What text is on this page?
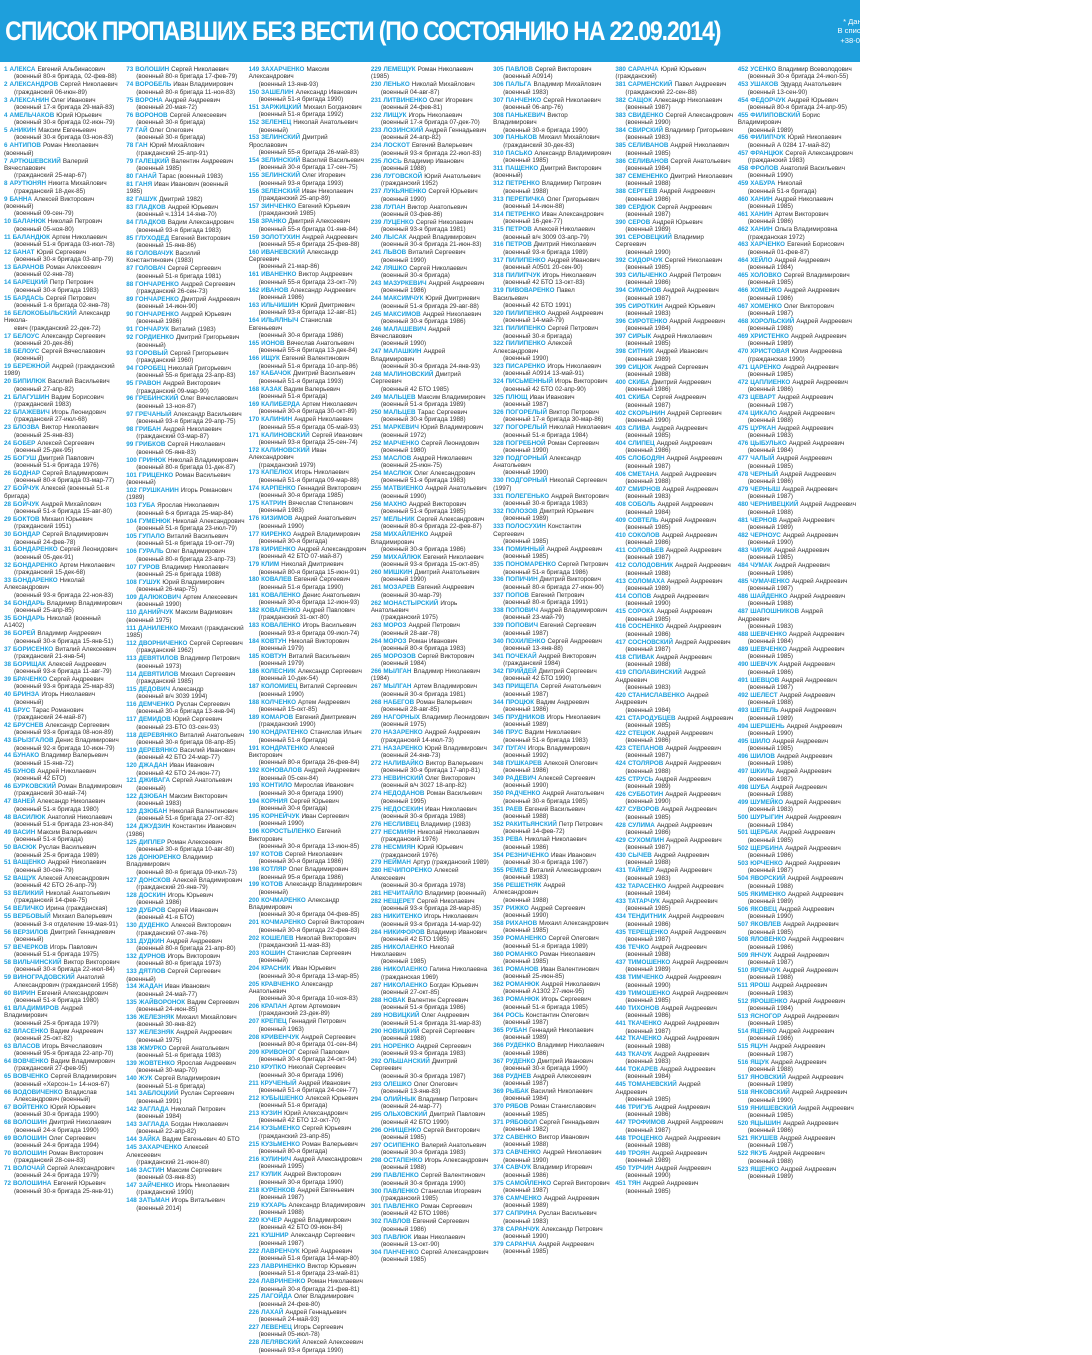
СПИСОК ПРОПАВШИХ БЕЗ ВЕСТИ (ПО СОСТОЯНИЮ НА 22.09.2014)	* Данные Центра освобождения пленных ОО «Офицерский корпус».
В списке могут быть неточности. Контакты центра: +38-097-07-01-014,
+38-063-888-40-40, +38-095-628-000-8; e-mail: centrosvobplen@ukr.net
1 АЛЕКСА Евгений Альбинасович
(военный 80-я бригада, 02-фев-88)
2 АЛЕКСАНДРОВ Сергей Николаевич
(гражданский 06-июн-89)
3 АЛЕКСАНИН Олег Иванович
(военный 17-я бригада 29-май-83)
4 АМЕЛЬЧАКОВ Юрий Юрьевич
(военный 30-я бригада 02-июн-79)
5 АНИКИН Максим Евгеньевич
(военный 30-я бригада 03-ноя-83)
6 АНТИПОВ Роман Николаевич (военный)
7 АРТЮШЕВСКИЙ Валерий Вячеславович
(гражданский 25-мар-67)
8 АРУТЮНЯН Никита Михайлович
(гражданский 18-дек-85)
9 БАННА Алексей Викторович (военный)
(военный 09-сен-79)
10 БАЛАНЮК Николай Петрович
(военный 05-ноя-80)
11 БАЛАНДЮК Артем Николаевич
(военный 51-я бригада 03-июл-78)
12 БАНАТ Юрий Сергеевич
(военный 30-я бригада 03-апр-79)
13 БАРАНОВ Роман Алексеевич
(военный 02-янв-78)
14 БАРЕЦКИЙ Петр Петрович
(военный 30-я бригада 1983)
15 БАРДАСЬ Сергей Петрович
(военный 1-я бригада 02-янв-78)
16 БЕЛОКОБЫЛЬСКИЙ Александр Никола-
евич (гражданский 22-дек-72)
17 БЕЛОУС Александр Сергеевич
(военный 20-дек-86)
18 БЕЛОУС Сергей Вячеславович
(военный)
19 БЕРЕЖНОЙ Андрей (гражданский 1989)
20 БИПИЛЮК Василий Васильевич
(военный 27-апр-82)
21 БЛАГУШИН Вадим Борисович
(гражданский 1983)
22 БЛАЖЕВИЧ Игорь Леонидович
(гражданский 27-июл-68)
23 БЛОЗВА Виктор Николаевич
(военный 25-янв-83)
24 БОБЕР Алексей Сергеевич
(военный 25-дек-95)
25 БОГУШ Дмитрий Павлович
(военный 51-я бригада 1976)
26 БОДНАР Сергей Владимирович
(военный 80-я бригада 03-мар-77)
27 БОЙЧУК Алексей (военный 51-я бригада)
28 БОЙЧУК Андрей Михайлович
(военный 51-я бригада 15-авг-80)
29 БОКТОВ Михаил Юрьевич
(гражданский 1951)
30 БОНДАР Сергей Владимирович
(военный 24-фев-78)
31 БОНДАРЕНКО Сергей Леонидович
(военный 05-дек-91)
32 БОНДАРЕНКО Артем Николаевич
(гражданский 15-дек-68)
33 БОНДАРЕНКО Николай Александрович
(военный 93-я бригада 22-ноя-83)
34 БОНДАРЬ Владимир Владимирович
(военный 25-апр-85)
35 БОНДАРЬ Николай (военный А1402)
36 БОРЕЙ Владимир Андреевич
(военный 30-я бригада 15-янв-51)
37 БОРИСЕНКО Виталий Алексеевич
(гражданский 21-янв-54)
38 БОРИЩАК Алексей Андреевич
(военный 93-я бригада 11-авг-79)
39 БРАЧЕНКО Сергей Андреевич
(военный 93-я бригада 25-мар-83)
40 БРИНЗА Игорь Николаевич
(военный)
41 БРУС Тарас Романович
(гражданский 24-май-87)
42 БРУСНЕВ Александр Сергеевич
(военный 93-я бригада 08-ноя-89)
43 БРЫЗГАЛОВ Денис Владимирович
(военный 92-я бригада 10-июн-79)
44 БУНАКО Владимир Валерьевич
(военный 15-янв-72)
45 БУНОВ Андрей Николаевич
(военный 42 БТО)
46 БУРКОВСКИЙ Роман Владимирович
(гражданский 30-май-74)
47 ВАНЕЙ Александр Николаевич
(военный 51-я бригада 1980)
48 ВАСИЛЮК Анатолий Николаевич
(военный 51-я бригада 23-ноя-84)
49 ВАСИН Максим Валерьевич
(военный 51-я бригада)
50 ВАСЮК Руслан Васильевич
(военный 25-я бригада 1989)
51 ВАЩЕНКО Андрей Николаевич
(военный 30-сен-79)
52 ВАЩУК Алексей Александрович
(военный 42 БТО 26-апр-79)
53 ВЕЛИКИЙ Николай Анатольевич
(гражданский 14-фев-75)
54 ВЕЛИЧКО Ирина (гражданская)
55 ВЕРБОВЫЙ Михаил Валерьевич
(военный 3-я отделение 19-мая-91)
56 ВЕРЗИЛОВ Дмитрий Геннадиевич
(военный)
57 ВЕЧЕРКОВ Игорь Павлович
(военный 51-я бригада 1975)
58 ВИЛЬЧИНСКИЙ Виктор Викторович
(военный 30-я бригада 22-июл-84)
59 ВИНОГРАДОВСКИЙ Анатолий
Александрович (гражданский 1958)
60 ВИРИН Евгений Александрович
(военный 51-я бригада 1980)
61 ВЛАДИМИРОВ Андрей Владимирович
(военный 25-я бригада 1979)
62 ВЛАСЕНКО Вадим Андреевич
(военный 25-окт-82)
63 ВЛАСОВ Игорь Вячеславович
(военный 95-я бригада 22-апр-70)
64 ВОВЧЕНКО Вадим Владимирович
(гражданский 27-фев-95)
65 ВОВЧЕНКО Сергей Владимирович
(военный «Херсон-1» 14-ноя-67)
66 ВОДОВИЧЕНКО Владислав
Александрович (военный)
67 ВОЙТЕНКО Юрий Юрьевич
(военный 30-я бригада 1990)
68 ВОЛОШИН Дмитрий Николаевич
(военный 24-я бригада 1990)
69 ВОЛОШИН Олег Сергеевич
(военный 24-я бригада 1994)
70 ВОЛОШИН Роман Викторович
(гражданский 28-сен-83)
71 ВОЛОЧАЙ Сергей Александрович
(военный 24-я бригада 1979)
72 ВОЛОШИНА Евгений Юрьевич
(военный 30-я бригада 25-янв-91)
73 ВОЛОШИН Сергей Николаевич
(военный 80-я бригада 17-фев-79)
74 ВОРОБЕЛЬ Иван Владимирович
(военный 80-я бригада 11-ноя-83)
75 ВОРОНА Андрей Андреевич
(военный 20-мая-72)
76 ВОРОНОВ Сергей Алексеевич
(военный 30-я бригада)
77 ГАЙ Олег Олегович
(военный 30-я бригада)
78 ГАН Юрий Михайлович
(гражданский 25-апр-91)
79 ГАЛЕЦКИЙ Валентин Андреевич
(военный 1985)
80 ГАНАЙ Тарас (военный 1983)
81 ГАНЯ Иван Иванович (военный 1985)
82 ГАШУК Дмитрий 1982)
83 ГЛАДКОВ Андрей Юрьевич
(военный ч.1314 14-янв-70)
84 ГЛАДКОВ Вадим Александрович
(военный 93-я бригада 1983)
85 ГЛУХОДЕД Евгений Викторович
(военный 15-янв-86)
86 ГОЛОВАЧУК Василий Константинович (1983)
87 ГОЛОВАЧ Сергей Сергеевич
(военный 51-я бригада 1981)
88 ГОНЧАРЕНКО Андрей Сергеевич
(гражданский 26-сен-73)
89 ГОНЧАРЕНКО Дмитрий Андреевич
(военный 14-июн-90)
90 ГОНЧАРЕНКО Андрей Юрьевич
(военный 1986)
91 ГОНЧАРУК Виталий (1983)
92 ГОРДИЕНКО Дмитрий Григорьевич
(военный)
93 ГОРОВЫЙ Сергей Григорьевич
(гражданский 1960)
94 ГОРОБЕЦ Николай Григорьевич
(военный 55-я бригада 23-апр-83)
95 ГРАВОН Андрей Викторович
(гражданский 09-мар-90)
96 ГРЕБИНСКИЙ Олег Вячеславович
(военный 13-ноя-87)
97 ГРЕЧАНЫЙ Александр Васильевич
(военный 93-я бригада 29-апр-75)
98 ГРИБАН Андрей Николаевич
(гражданский 03-мар-87)
99 ГРИБКОВ Сергей Николаевич
(военный 05-янв-83)
100 ГРИНЮК Николай Владимирович
(военный 80-я бригада 01-дек-87)
101 ГРИЦЕНКО Роман Васильевич (военный)
102 ГРУШКАНИН Игорь Романович (1989)
103 ГУБА Ярослав Николаевич
(военный 6-я бригада 25-мар-84)
104 ГУМЕНЮК Николай Александрович
(военный 51-я бригада 23-июл-79)
105 ГУПАЛО Виталий Васильевич
(военный 51-я бригада 19-окт-79)
106 ГУРАЛЬ Олег Владимирович
(военный 80-я бригада 23-апр-73)
107 ГУРОВ Владимир Николаевич
(военный 25-я бригада 1988)
108 ГУШУК Юрий Владимирович
(военный 26-мар-75)
109 ДАЛЮКОВИЧ Артем Алексеевич
(военный 1990)
110 ДАНИЙЧУК Максим Вадимович (военный 1975)
111 ДАНИЛЕНКО Михаил (гражданский 1985)
112 ДВОРНИЧЕНКО Сергей Сергеевич
(гражданский 1962)
113 ДЕВЯТИЛОВ Владимир Петрович
(военный 1973)
114 ДЕВЯТИЛОВ Михаил Сергеевич
(гражданский 1985)
115 ДЕДОВИЧ Александр
(военный в/ч 3039 1994)
116 ДЕМЧЕНКО Руслан Сергеевич
(военный 30-я бригада 13-янв-94)
117 ДЕМИДОВ Юрий Сергеевич
(военный 23-БТО 03-сен-93)
118 ДЕРЕВЯНКО Виталий Анатольевич
(военный 30-я бригада 08-апр-85)
119 ДЕРЕВЯНКО Василий Иванович
(военный 42 БТО 24-мар-77)
120 ДЖАДАН Иван Иванович
(военный 42 БТО 24-июн-77)
121 ДЖИВАГА Сергей Анатольевич
(военный)
122 ДЗЮБАН Максим Викторович
(военный 1983)
123 ДЗЮБАН Николай Валентинович
(военный 51-я бригада 27-окт-82)
124 ДЖУДЗИН Константин Иванович (1986)
125 ДИПЛЕР Роман Алексеевич
(военный 30-я бригада 10-авг-80)
126 ДОНЮРЕНКО Владимир Владимирович
(военный 80-я бригада 09-июл-73)
127 ДОНСКОВ Алексей Владимирович
(гражданский 20-янв-79)
128 ДОСКИН Игорь Юрьевич
(военный 1986)
129 ДУБРОВ Сергей Иванович
(военный 41-я БТО)
130 ДУДЕНКО Алексей Викторович
(гражданский 07-янв-76)
131 ДУДКИН Андрей Андреевич
(военный 80-я бригада 21-апр-80)
132 ДУРНОВ Игорь Викторович
(военный 80-я бригада 1973)
133 ДЯТЛОВ Сергей Сергеевич (военный)
134 ЖАДАН Иван Иванович
(военный 24-май-77)
135 ЖАЙВОРОНОК Вадим Сергеевич
(военный 24-июн-85)
136 ЖЕЛЕЗНЯК Михаил Михайлович
(военный 30-янв-82)
137 ЖЕЛЕЗНЯК Андрей Андреевич
(военный 1975)
138 ЖМУРКО Сергей Анатольевич
(военный 51-я бригада 1983)
139 ЖОВТЕНКО Ярослав Андреевич
(военный 30-мар-70)
140 ЖУК Сергей Владимирович
(военный 51-я бригада)
141 ЗАБЛОЦКИЙ Руслан Сергеевич
(военный 1991)
142 ЗАГЛАДА Николай Петрович
(военный 1984)
143 ЗАГЛАДА Богдан Николаевич
(военный 22-апр-82)
144 ЗАЙКА Вадим Евгеньевич 40 БТО
145 ЗАХАРЧЕНКО Алексей Алексеевич
(гражданский 21-июн-80)
146 ЗАСТИН Максим Сергеевич
(военный 03-янв-83)
147 ЗАЙЧЕНКО Игорь Николаевич
(гражданский 1990)
148 ЗАТЬМАН Игорь Витальевич
(военный 2014)
149 ЗАХАРЧЕНКО Максим Александрович
(военный 13-янв-93)
150 ЗАШЕЛИН Александр Иванович
(военный 51-я бригада 1990)
151 ЗАРЖИЦКИЙ Михаил Богданович
(военный 51-я бригада 1992)
152 ЗЕЛЕНЕЦ Николай Анатольевич
(военный)
153 ЗЕЛИНСКИЙ Дмитрий Ярославович
(военный 55-я бригада 26-май-83)
154 ЗЕЛИНСКИЙ Василий Васильевич
(военный 30-я бригада 17-сен-75)
155 ЗЕЛИНСКИЙ Олег Игоревич
(военный 93-я бригада 1993)
156 ЗЕЛЕНСКИЙ Иван Николаевич
(гражданский 25-апр-89)
157 ЗИНЧЕНКО Евгений Юрьевич
(гражданский 1985)
158 ЗРАНКО Дмитрий Алексеевич
(военный 55-я бригада 01-янв-84)
159 ЗОЛОТУХИН Андрей Андреевич
(военный 55-я бригада 25-фев-88)
160 ИВАНЕВСКИЙ Александр Сергеевич
(военный 21-мар-86)
161 ИВАНЕНКО Виктор Андреевич
(военный 55-я бригада 23-окт-79)
162 ИВАНОВ Александр Андреевич
(военный 1986)
163 ИЛЬЧИШИН Юрий Дмитриевич
(военный 93-я бригада 12-авг-81)
164 ИЛЬЯЛНЫЧ Станислав Евгеньевич
(военный 30-я бригада 1986)
165 ИОНОВ Вячеслав Анатольевич
(военный 55-я бригада 13-дек-84)
166 ИЩУК Евгений Валентинович
(военный 51-я бригада 10-апр-86)
167 КАБАЧОК Дмитрий Васильевич
(военный 51-я бригада 1993)
168 КАЗАК Вадим Валерьевич
(военный 51-я бригада)
169 КАЛИБЕРДА Артем Николаевич
(военный 30-я бригада 30-окт-89)
170 КАЛИНИН Андрей Николаевич
(военный 55-я бригада 05-май-93)
171 КАЛИНОВСКИЙ Сергей Иванович
(военный 93-я бригада 25-сен-74)
172 КАЛИНОВСКИЙ Иван Александрович
(гражданский 1979)
173 КАПЕЛЮХ Игорь Николаевич
(военный 51-я бригада 09-мар-88)
174 КАРПЕНКО Геннадий Викторович
(военный 30-я бригада 1985)
175 КАТРИН Вячеслав Степанович
(военный 1983)
176 КИЗИМОВ Андрей Анатольевич
(военный 1990)
177 КИРЕНКО Андрей Владимирович
(военный 30-я бригада)
178 КИРИЕНКО Андрей Александрович
(военный 42 БТО 07-май-87)
179 КЛИМ Николай Дмитриевич
(военный 80-я бригада 15-июн-91)
180 КОВАЛЕВ Евгений Сергеевич
(военный 51-я бригада 1990)
181 КОВАЛЕНКО Денис Анатольевич
(военный 30-я бригада 12-июн-93)
182 КОВАЛЕНКО Андрей Павлович
(гражданский 31-окт-80)
183 КОВАЛЕНКО Игорь Васильевич
(военный 93-я бригада 09-июл-74)
184 КОВТУН Николай Викторович
(военный 1979)
185 КОВТУН Виталий Васильевич
(военный 1979)
186 КОЛЕСНИК Александр Сергеевич
(военный 10-дек-54)
187 КОЛОМИЕЦ Виталий Сергеевич
(военный 1990)
188 КОЛЧЕНКО Артем Андреевич
(военный 15-окт-85)
189 КОМАРОВ Евгений Дмитриевич
(гражданский 1990)
190 КОНДРАТЕНКО Станислав Ильич
(военный 51-я бригада)
191 КОНДРАТЕНКО Алексей Викторович
(военный 80-я бригада 26-фев-84)
192 КОНОВАЛОВ Андрей Андреевич
(военный 05-сен-84)
193 КОНТИЛО Мирослав Иванович
(военный 30-я бригада 1990)
194 КОРНИЯ Сергей Юрьевич
(военный 30-я бригада)
195 КОРНЕЙЧУК Иван Сергеевич
(военный 1990)
196 КОРОСТЫЛЕНКО Евгений Викторович
(военный 30-я бригада 13-июн-85)
197 КОТОВ Сергей Николаевич
(военный 30-я бригада 1986)
198 КОТЛЯР Олег Владимирович
(военный 95-я бригада 1986)
199 КОТОВ Александр Владимирович
(военный)
200 КОЧМАРЕНКО Александр Владимирович
(военный 30-я бригада 04-фев-85)
201 КОЧМАРЕНКО Сергей Викторович
(военный 30-я бригада 22-фев-83)
202 КОШЕЛЕВ Николай Викторович
(гражданский 11-мая-83)
203 КОШИН Станислав Сергеевич
(военный)
204 КРАСНИК Иван Юрьевич
(военный 30-я бригада 13-мар-85)
205 КРАВЧЕНКО Александр Анатольевич
(военный 30-я бригада 10-ноя-83)
206 КРАПАН Артем Артемович
(гражданский 23-дек-89)
207 КРЕПЕЦ Геннадий Петрович
(военный 1963)
208 КРИВЕНЧУК Андрей Сергеевич
(военный 80-я бригада 01-сен-84)
209 КРИВОНОГ Сергей Павлович
(военный 30-я бригада 24-окт-94)
210 КРУПКО Николай Сергеевич
(военный 30-я бригада 1996)
211 КРУЧЕНЫЙ Андрей Иванович
(военный 51-я бригада 24-сен-77)
212 КУБЫШЕНКО Алексей Юрьевич
(военный 51-я бригада)
213 КУЗИН Юрий Александрович
(военный 42 БТО 12-окт-70)
214 КУЗЬМЕНКО Сергей Юрьевич
(гражданский 23-апр-85)
215 КУЗЬМЕНКО Роман Валерьевич
(военный 80-я бригада)
216 КУЛИНИЧ Андрей Александрович
(военный 1995)
217 КУЛИК Андрей Викторович
(военный 30-я бригада 1990)
218 КУРЕНКОВ Андрей Евгеньевич
(военный 1987)
219 КУХАРЬ Александр Владимирович
(военный 1988)
220 КУЧЕР Андрей Владимирович
(военный 42 БТО 09-июн-84)
221 КУШНИР Александр Сергеевич
(военный 1987)
222 ЛАВРЕНЧУК Юрий Андреевич
(военный 51-я бригада 14-мар-80)
223 ЛАВРИНЕНКО Виктор Юрьевич
(военный 51-я бригада 23-май-81)
224 ЛАВРИНЕНКО Роман Николаевич
(военный 30-я бригада 21-фев-81)
225 ЛАГОЙДА Олег Владимирович
(военный 24-фев-80)
226 ЛАХАЙ Андрей Геннадьевич
(военный 24-май-93)
227 ЛЕВЕНЕЦ Игорь Сергеевич
(военный 05-июл-78)
228 ЛЕЛЯВСКИЙ Алексей Алексеевич
(военный 93-я бригада 1990)
229 ЛЕМЕЩУК Роман Николаевич (1985)
230 ЛЕНЬКО Николай Михайлович
(военный 04-авг-87)
231 ЛИТВИНЕНКО Олег Игоревич
(военный 24-фев-81)
232 ЛИЩУК Игорь Николаевич
(военный 17-я бригада 07-дек-70)
233 ЛОЗИНСКИЙ Андрей Геннадьевич
(военный 24-апр-82)
234 ЛОСКОТ Евгений Валерьевич
(военный 93-я бригада 22-июл-83)
235 ЛОСЬ Владимир Иванович
(военный 1988)
236 ЛУГОВСКОЙ Юрий Анатольевич
(гражданский 1952)
237 ЛУКЬЯНЕНКО Сергей Юрьевич
(военный 1990)
238 ЛУПАН Виктор Анатольевич
(военный 03-фев-86)
239 ЛУЦЕНКО Сергей Николаевич
(военный 93-я бригада 1981)
240 ЛЫСАК Андрей Владимирович
(военный 30-я бригада 21-июн-83)
241 ЛЬВОВ Виталий Сергеевич
(военный 1990)
242 ЛЯШКО Сергей Николаевич
(военный 30-я бригада)
243 МАЗУРКЕВИЧ Андрей Андреевич
(военный 1986)
244 МАКСИМЧУК Юрий Дмитриевич
(военный 51-я бригада 29-авг-88)
245 МАКСИМОВ Андрей Николаевич
(военный 30-я бригада 1986)
246 МАЛАШЕВИЧ Андрей Вячеславович
(военный 1990)
247 МАЛАШКИН Андрей Владимирович
(военный 30-я бригада 24-янв-93)
248 МАЛИНОВСКИЙ Дмитрий Сергеевич
(военный 42 БТО 1985)
249 МАЛЬЦЕВ Максим Владимирович
(военный 51-я бригада 1989)
250 МАЛЬЦЕВ Тарас Сергеевич
(военный 30-я бригада 1988)
251 МАРКЕВИЧ Юрий Владимирович
(военный 1972)
252 МАРЧЕНКО Сергей Леонидович
(военный 1980)
253 МАСЛОВ Андрей Николаевич
(военный 25-июн-75)
254 МАСЛЮК Олег Александрович
(военный 51-я бригада 1983)
255 МАТВИЕНКО Андрей Анатольевич
(военный 1990)
256 МАХНО Андрей Викторович
(военный 51-я бригада 1985)
257 МЕЛЬНИК Сергей Александрович
(военный 80-я бригада 22-фев-87)
258 МИХАЙЛЕНКО Андрей Владимирович
(военный 30-я бригада 1986)
259 МИХАЙЛЮК Евгений Николаевич
(военный 93-я бригада 15-окт-85)
260 МИШКИН Дмитрий Анатольевич
(военный 1990)
261 МОЗАРЕВ Евгений Андреевич
(военный 30-мар-79)
262 МОНАСТЫРСКИЙ Игорь Анатольевич
(гражданский 1975)
263 МОРОЗ Андрей Петрович
(военный 28-авг-78)
264 МОРОЗ Роман Иванович
(военный 80-я бригада 1983)
265 МОРОЗОВ Сергей Викторович
(военный 1984)
266 МЫЛГАН Владимир Николаевич (1984)
267 МЫЛГАН Артем Владимирович
(военный 30-я бригада 1981)
268 НАБЕГОВ Роман Валерьевич
(военный 28-авг-85)
269 НАГОРНЫХ Владимир Леонидович
(военный 1975)
270 НАЗАРЕНКО Андрей Андреевич
(гражданский 14-июл-73)
271 НАЗАРЕНКО Юрий Владимирович
(военный 24-янв-73)
272 НАЛИВАЙКО Виктор Валерьевич
(военный 30-я бригада 17-апр-81)
273 НЕВИНСКИЙ Олег Викторович
(военный в/ч 3027 18-апр-82)
274 НЕДОДАНОВ Роман Васильевич
(военный 1995)
275 НЕДОСЕКИН Иван Николаевич
(военный 30-я бригада 1988)
276 НЕСЛИВЕЦ Владимир (1983)
277 НЕСМИЯН Николай Николаевич
(гражданский 1976)
278 НЕСМИЯН Юрий Юрьевич
(гражданский 1976)
279 НЕЙМАН Артур (гражданский 1989)
280 НЕЧИПОРЕНКО Алексей Алексеевич
(военный 30-я бригада 1978)
281 НЕЧИТАЙЛО Владимир (военный)
282 НЕЩЕРЕТ Сергей Николаевич
(военный 93-я бригада 28-мар-85)
283 НИКИТЕНКО Игорь Николаевич
(военный 93-я бригада 14-мар-92)
284 НИКИФОРОВ Владимир Иванович
(военный 42 БТО 1985)
285 НИКОЛАЕНКО Николай Николаевич
(военный 1985)
286 НИКОЛАЕНКО Галина Николаевна
(гражданская 1969)
287 НИКОЛАЕНКО Богдан Юрьевич
(военный 27-окт-85)
288 НОВАК Валентин Сергеевич
(военный 51-я бригада 1986)
289 НОВИЦКИЙ Олег Андреевич
(военный 51-я бригада 31-мар-83)
290 НОВИЦКИЙ Сергей Сергеевич
(военный 1988)
291 НОРЕНКО Андрей Сергеевич
(военный 93-я бригада 1983)
292 ОЛЬШАНСКИЙ Дмитрий Сергеевич
(военный 30-я бригада 1987)
293 ОЛЕШКО Олег Олегович
(военный 13-янв-83)
294 ОЛИЙНЫК Владимир Петрович
(военный 24-мар-77)
295 ОЛЬХОВСКИЙ Дмитрий Павлович
(военный 42 БТО 1990)
296 ОНИЩЕНКО Сергей Викторович
(военный 1985)
297 ОСИПЕНКО Валерий Анатольевич
(военный 30-я бригада 1983)
298 ОСТАПЕНКО Игорь Александрович
(военный 1988)
299 ПАВЛЕНКО Сергей Валентинович
(военный 30-я бригада 1990)
300 ПАВЛЕНКО Станислав Игоревич
(гражданский 1985)
301 ПАВЛЕНКО Роман Сергеевич
(военный 42 БТО 1986)
302 ПАВЛОВ Евгений Сергеевич
(военный 1986)
303 ПАВЛЮК Иван Николаевич
(военный 13-окт-90)
304 ПАНЧЕНКО Сергей Александрович
(военный 1985)
305 ПАВЛОВ Сергей Викторович
(военный А0914)
306 ПАЛЬГА Владимир Михайлович
(военный 1983)
307 ПАНЧЕНКО Сергей Николаевич
(военный 06-апр-76)
308 ПАНЬКЕВИЧ Виктор Владимирович
(военный 30-я бригада 1990)
309 ПАНЬКОВ Михаил Михайлович
(гражданский 30-дек-83)
310 ПАСЬКО Александр Владимирович
(военный 1985)
311 ПАЩЕНКО Дмитрий Викторович (военный)
312 ПЕТРЕНКО Владимир Петрович
(военный 1988)
313 ПЕРЕПИЧКА Олег Григорьевич
(военный 14-июн-88)
314 ПЕТРЕНКО Иван Александрович
(военный 16-дек-77)
315 ПЕТРОВ Алексей Николаевич
(военный в/ч 3009 03-апр-79)
316 ПЕТРОВ Дмитрий Николаевич
(военный 93-я бригада 1989)
317 ПИЛИПЕНКО Андрей Иванович
(военный А0501 20-сен-90)
318 ПИЛИПЧУК Игорь Николаевич
(военный 42 БТО 13-окт-83)
319 ПИВОВАРЕНКО Павел Васильевич
(военный 42 БТО 1991)
320 ПИЛИПЕНКО Андрей Андреевич
(военный 14-май-79)
321 ПИЛИПЕНКО Сергей Петрович
(военный 30-я бригада)
322 ПИЛИПЕНКО Алексей Александрович
(военный 1990)
323 ПИСАРЕНКО Игорь Николаевич
(военный А0914 13-май-91)
324 ПИСЬМЕННЫЙ Игорь Викторович
(военный 42 БТО 02-апр-90)
325 ПЛЮЩ Иван Иванович
(военный 1987)
326 ПОГОРЕЛЫЙ Виктор Петрович
(военный 17-я бригада 30-мар-86)
327 ПОГОРЕЛЫЙ Николай Николаевич
(военный 51-я бригада 1984)
328 ПОГРЕБНОЙ Роман Сергеевич
(военный 1990)
329 ПОДГОРНЫЙ Александр Анатольевич
(военный 1990)
330 ПОДГОРНЫЙ Николай Сергеевич (1997)
331 ПОЛЕГЕНЬКО Андрей Викторович
(военный 30-я бригада 1983)
332 ПОЛОЗОВ Дмитрий Юрьевич
(военный 1989)
333 ПОЛОСУХИН Константин Сергеевич
(военный 1985)
334 ПОМИННЫЙ Андрей Андреевич
(военный 1985)
335 ПОНОМАРЕНКО Сергей Петрович
(военный 51-я бригада 1986)
336 ПОПИЧИН Дмитрий Викторович
(военный 80-я бригада 27-июн-90)
337 ПОПОВ Евгений Петрович
(военный 80-я бригада 1991)
338 ПОПОВИЧ Андрей Владимирович
(военный 23-май-79)
339 ПОПОВИЧ Евгений Сергеевич
(военный 1987)
340 ПОХИЛЕНКО Сергей Андреевич
(военный 13-янв-88)
341 ПОЧЕКАЙ Андрей Викторович
(гражданский 1984)
342 ПРИЙДЕЙ Дмитрий Сергеевич
(военный 42 БТО 1990)
343 ПРИЩЕПА Сергей Анатольевич
(военный 1987)
344 ПРОЦЮК Вадим Андреевич
(военный 1986)
345 ПРУДНИКОВ Игорь Николаевич
(военный 1989)
346 ПРУС Вадим Николаевич
(военный 51-я бригада 1983)
347 ПУГАЧ Игорь Владимирович
(военный 1992)
348 ПУШКАРЕВ Алексей Олегович
(военный 1986)
349 РАДЕВИЧ Алексей Сергеевич
(военный 1990)
350 РАДЧЕНКО Андрей Анатольевич
(военный 30-я бригада 1985)
351 РАЕВ Евгений Васильевич
(военный 1988)
352 РАКИТЬЯНСКИЙ Петр Петрович
(военный 14-фев-72)
353 РЕВА Николай Николаевич
(военный 1986)
354 РЕЗНИЧЕНКО Иван Иванович
(военный 30-я бригада 1987)
355 РЕМЕЗ Виталий Александрович
(военный 1983)
356 РЕШЕТНЯК Андрей Александрович
(военный 1988)
357 РИЖКО Андрей Сергеевич
(военный 1990)
358 РИХАНОВ Михаил Александрович
(военный 1985)
359 РОМАНЕНКО Сергей Олегович
(военный 51-я бригада 1989)
360 РОМАНКО Роман Николаевич
(военный 1985)
361 РОМАНОВ Иван Валентинович
(военный 25-июн-85)
362 РОМАНЮК Андрей Николаевич
(военный А1302 27-июн-95)
363 РОМАНЮК Игорь Сергеевич
(военный 51-я бригада 1985)
364 РОСЬ Константин Олегович
(военный 1987)
365 РУБАН Геннадий Николаевич
(военный 1989)
366 РУДЕНКО Владимир Николаевич
(военный 1986)
367 РУДЕНКО Дмитрий Иванович
(военный 30-я бригада 1990)
368 РУДНЕВ Андрей Алексеевич
(военный 1987)
369 РЫБАК Василий Николаевич
(военный 1984)
370 РЯБОВ Роман Станиславович
(военный 1985)
371 РЯБОВОЛ Сергей Геннадьевич
(военный 1982)
372 САВЕНКО Виктор Иванович
(военный 1988)
373 САВЧЕНКО Андрей Николаевич
(военный 1990)
374 САВЧУК Владимир Игоревич
(военный 1986)
375 САМОЙЛЕНКО Сергей Викторович
(военный 1987)
376 САМЧЕНКО Андрей Андреевич
(военный 1989)
377 САПРИНА Руслан Васильевич
(военный 1983)
378 САРАНЧУК Александр Петрович
(военный 1990)
379 САРАНЧА Андрей Андреевич
(военный 1985)
380 САРАНЧА Юрий Юрьевич (гражданский)
381 САРМЕНСКИЙ Павел Андреевич
(гражданский 22-сен-88)
382 САЩОК Александр Николаевич
(военный 1987)
383 СВИДЕНКО Сергей Александрович
(военный 1990)
384 СВИРСКИЙ Владимир Григорьевич
(военный 1983)
385 СЕЛИВАНОВ Андрей Николаевич
(военный 1985)
386 СЕЛИВАНОВ Сергей Анатольевич
(военный 1984)
387 СЕМЕНЕНКО Дмитрий Николаевич
(военный 1988)
388 СЕРГЕЕВ Андрей Андреевич
(военный 1986)
389 СЕРДЮК Сергей Андреевич
(военный 1987)
390 СЕРОВ Андрей Юрьевич
(военный 1989)
391 СЕРОВЕЦКИЙ Владимир Сергеевич
(военный 1990)
392 СИДОРЧУК Сергей Николаевич
(военный 1985)
393 СИЛЬЧЕНКО Андрей Петрович
(военный 1986)
394 СИМОНОВ Андрей Андреевич
(военный 1987)
395 СИРОТКИН Андрей Юрьевич
(военный 1983)
396 СИРОТЕНКО Андрей Андреевич
(военный 1984)
397 СИРЫК Андрей Николаевич
(военный 1985)
398 СИТНИК Андрей Иванович
(военный 1989)
399 СИЦЮК Андрей Сергеевич
(военный 1988)
400 СКИБА Дмитрий Андреевич
(военный 1986)
401 СКИБА Сергей Андреевич
(военный 1987)
402 СКОРЫНИН Андрей Сергеевич
(военный 1990)
403 СЛИВА Андрей Андреевич
(военный 1985)
404 СЛИПЕЦ Андрей Андреевич
(военный 1986)
405 СЛОБОДЯН Андрей Андреевич
(военный 1987)
406 СМЕТАНА Андрей Андреевич
(военный 1988)
407 СМИРНОВ Андрей Андреевич
(военный 1983)
408 СОБОЛЬ Андрей Андреевич
(военный 1984)
409 СОВТЕЛЬ Андрей Андреевич
(военный 1985)
410 СОКОЛОВ Андрей Андреевич
(военный 1986)
411 СОЛОВЬЕВ Андрей Андреевич
(военный 1987)
412 СОЛОДОВНИК Андрей Андреевич
(военный 1988)
413 СОЛОМАХА Андрей Андреевич
(военный 1989)
414 СОПОВ Андрей Андреевич
(военный 1990)
415 СОРОКА Андрей Андреевич
(военный 1985)
416 СОСНЕНКО Андрей Андреевич
(военный 1986)
417 СОСНОВСКИЙ Андрей Андреевич
(военный 1987)
418 СПИВАК Андрей Андреевич
(военный 1988)
419 СПОЛАВИНСКИЙ Андрей Андреевич
(военный 1983)
420 СТАНИСЛАВЕНКО Андрей Андреевич
(военный 1984)
421 СТАРОДУБЦЕВ Андрей Андреевич
(военный 1985)
422 СТЕЦЮК Андрей Андреевич
(военный 1986)
423 СТЕПАНОВ Андрей Андреевич
(военный 1987)
424 СТОЛЯРОВ Андрей Андреевич
(военный 1988)
425 СТРУСЬ Андрей Андреевич
(военный 1989)
426 СУББОТИН Андрей Андреевич
(военный 1990)
427 СУВОРОВ Андрей Андреевич
(военный 1985)
428 СУЛИМА Андрей Андреевич
(военный 1986)
429 СУХОМЛИН Андрей Андреевич
(военный 1987)
430 СЫЧЕВ Андрей Андреевич
(военный 1988)
431 ТАЙМЕР Андрей Андреевич
(военный 1983)
432 ТАРАСЕНКО Андрей Андреевич
(военный 1984)
433 ТАТАРЧУК Андрей Андреевич
(военный 1985)
434 ТЕНДИТНИК Андрей Андреевич
(военный 1986)
435 ТЕРЕЩЕНКО Андрей Андреевич
(военный 1987)
436 ТЕЧКО Андрей Андреевич
(военный 1988)
437 ТИМОШЕНКО Андрей Андреевич
(военный 1989)
438 ТИМЧЕНКО Андрей Андреевич
(военный 1990)
439 ТИМОШЕНКО Андрей Андреевич
(военный 1985)
440 ТИХОНОВ Андрей Андреевич
(военный 1986)
441 ТКАЧЕНКО Андрей Андреевич
(военный 1987)
442 ТКАЧЕНКО Андрей Андреевич
(военный 1988)
443 ТКАЧУК Андрей Андреевич
(военный 1983)
444 ТОКАРЕВ Андрей Андреевич
(военный 1984)
445 ТОМАНЕВСКИЙ Андрей Андреевич
(военный 1985)
446 ТРИГУБ Андрей Андреевич
(военный 1986)
447 ТРОФИМОВ Андрей Андреевич
(военный 1987)
448 ТРОЦЕНКО Андрей Андреевич
(военный 1988)
449 ТРОЯН Андрей Андреевич
(военный 1989)
450 ТУРЧИН Андрей Андреевич
(военный 1990)
451 ТЯН Андрей Андреевич
(военный 1985)
452 УСЕНКО Владимир Всеволодович
(военный 30-я бригада 24-июл-55)
453 УШАКОВ Эдуард Анатольевич
(военный 13-сен-90)
454 ФЕДОРЧУК Андрей Юрьевич
(военный 80-я бригада 24-апр-95)
455 ФИЛИПОВСКИЙ Борис Владимирович
(военный 1989)
456 ФИЛИПЧУК Юрий Николаевич
(военный А 0284 17-май-82)
457 ФРАНЦЮК Сергей Александрович
(гражданский 1983)
458 ФРОЛОВ Анатолий Васильевич
(военный 1990)
459 ХАБУРА Николай
(военный 51-я бригада)
460 ХАНИН Андрей Николаевич
(военный 1985)
461 ХАНИН Артем Викторович
(военный 1986)
462 ХАНИН Ольга Владимировна
(гражданская 1972)
463 ХАРЧЕНКО Евгений Борисович
(военный 01-фев-87)
464 ХЕЙЛО Андрей Андреевич
(военный 1984)
465 ХОЛОВКО Сергей Владимирович
(военный 1985)
466 ХОМЕНКО Андрей Андреевич
(военный 1986)
467 ХОМЕНКО Олег Викторович
(военный 1987)
468 ХОРОЛЬСКИЙ Андрей Андреевич
(военный 1988)
469 ХРИСТЕНКО Андрей Андреевич
(военный 1989)
470 ХРИСТОВАЯ Юлия Андреевна
(гражданская 1990)
471 ЦАРЕНКО Андрей Андреевич
(военный 1985)
472 ЦАПЛИЕНКО Андрей Андреевич
(военный 1986)
473 ЦЕВАРТ Андрей Андреевич
(военный 1987)
474 ЦИКАЛО Андрей Андреевич
(военный 1988)
475 ЦУРКАН Андрей Андреевич
(военный 1983)
476 ЦЫБУЛЬКО Андрей Андреевич
(военный 1984)
477 ЧАЛЫЙ Андрей Андреевич
(военный 1985)
478 ЧЕРНЫЙ Андрей Андреевич
(военный 1986)
479 ЧЕРНЫШ Андрей Андреевич
(военный 1987)
480 ЧЕРНИВЕЦКИЙ Андрей Андреевич
(военный 1988)
481 ЧЕРНОВ Андрей Андреевич
(военный 1989)
482 ЧЕРНОУС Андрей Андреевич
(военный 1990)
483 ЧИРИК Андрей Андреевич
(военный 1985)
484 ЧУМАК Андрей Андреевич
(военный 1986)
485 ЧУМАЧЕНКО Андрей Андреевич
(военный 1987)
486 ШАЙДЕНКО Андрей Андреевич
(военный 1988)
487 ШАПОШНИКОВ Андрей Андреевич
(военный 1983)
488 ШЕВЧЕНКО Андрей Андреевич
(военный 1984)
489 ШЕВЧЕНКО Андрей Андреевич
(военный 1985)
490 ШЕВЧУК Андрей Андреевич
(военный 1986)
491 ШЕВЦОВ Андрей Андреевич
(военный 1987)
492 ШЕЛЕСТ Андрей Андреевич
(военный 1988)
493 ШЕПЕЛЬ Андрей Андреевич
(военный 1989)
494 ШЕРШЕНЬ Андрей Андреевич
(военный 1990)
495 ШИЛО Андрей Андреевич
(военный 1985)
496 ШИЛОВ Андрей Андреевич
(военный 1986)
497 ШКИЛЬ Андрей Андреевич
(военный 1987)
498 ШУБА Андрей Андреевич
(военный 1988)
499 ШУМЕЙКО Андрей Андреевич
(военный 1983)
500 ШУРЫГИН Андрей Андреевич
(военный 1984)
501 ЩЕРБАК Андрей Андреевич
(военный 1985)
502 ЩЕРБИНА Андрей Андреевич
(военный 1986)
503 ЮРЧЕНКО Андрей Андреевич
(военный 1987)
504 ЯВОРСКИЙ Андрей Андреевич
(военный 1988)
505 ЯКИМЕНКО Андрей Андреевич
(военный 1989)
506 ЯКОВЕЦ Андрей Андреевич
(военный 1990)
507 ЯКОВЛЕВ Андрей Андреевич
(военный 1985)
508 ЯЛОВЕНКО Андрей Андреевич
(военный 1986)
509 ЯНЧУК Андрей Андреевич
(военный 1987)
510 ЯРЕМЧУК Андрей Андреевич
(военный 1988)
511 ЯРОШ Андрей Андреевич
(военный 1983)
512 ЯРОШЕНКО Андрей Андреевич
(военный 1984)
513 ЯСНОГОР Андрей Андреевич
(военный 1985)
514 ЯЦЕНКО Андрей Андреевич
(военный 1986)
515 ЯЦУН Андрей Андреевич
(военный 1987)
516 ЯЩУК Андрей Андреевич
(военный 1988)
517 ЯНОВСКИЙ Андрей Андреевич
(военный 1989)
518 ЯНКОВСКИЙ Андрей Андреевич
(военный 1990)
519 ЯНИШЕВСКИЙ Андрей Андреевич
(военный 1985)
520 ЯЦЫШИН Андрей Андреевич
(военный 1986)
521 ЯКУШЕВ Андрей Андреевич
(военный 1987)
522 ЯКУБ Андрей Андреевич
(военный 1988)
523 ЯЩЕНКО Андрей Андреевич
(военный 1989)
